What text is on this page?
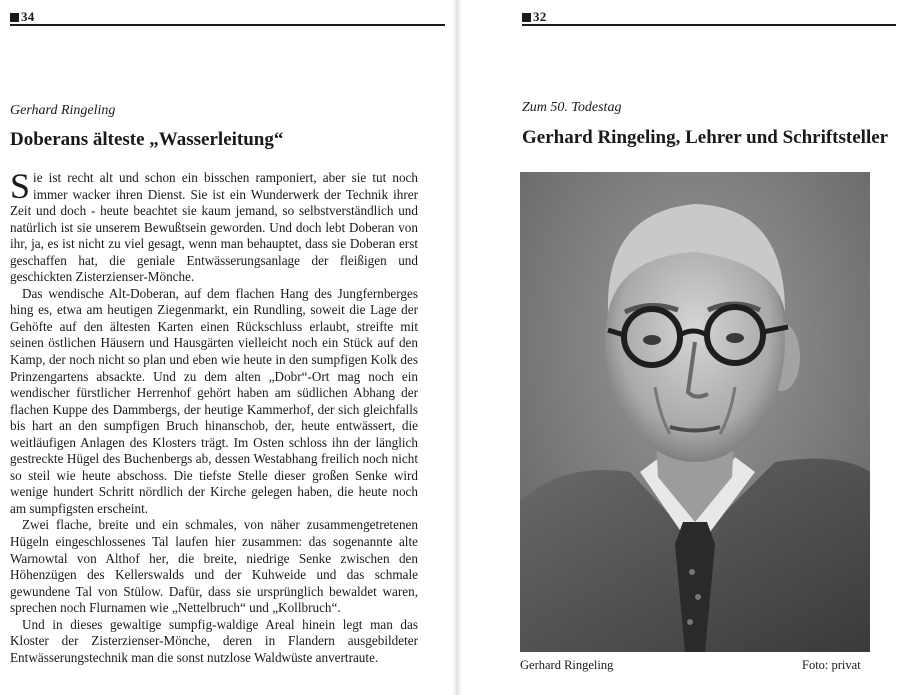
34
Gerhard Ringeling
Doberans älteste „Wasserleitung“

Sie ist recht alt und schon ein bisschen ramponiert, aber sie tut noch immer wacker ihren Dienst. Sie ist ein Wunderwerk der Technik ihrer Zeit und doch - heute beachtet sie kaum jemand, so selbstverständlich und natürlich ist sie unserem Bewußtsein geworden. Und doch lebt Doberan von ihr, ja, es ist nicht zu viel gesagt, wenn man behauptet, dass sie Doberan erst geschaffen hat, die geniale Entwässerungsanlage der fleißigen und geschickten Zisterzienser-Mönche.

Das wendische Alt-Doberan, auf dem flachen Hang des Jungfernberges hing es, etwa am heutigen Ziegenmarkt, ein Rundling, soweit die Lage der Gehöfte auf den ältesten Karten einen Rückschluss erlaubt, streifte mit seinen östlichen Häusern und Hausgärten vielleicht noch ein Stück auf den Kamp, der noch nicht so plan und eben wie heute in den sumpfigen Kolk des Prinzengartens absackte. Und zu dem alten „Dobr“-Ort mag noch ein wendischer fürstlicher Herrenhof gehört haben am südlichen Abhang der flachen Kuppe des Dammbergs, der heutige Kammerhof, der sich gleichfalls bis hart an den sumpfigen Bruch hinanschob, der, heute entwässert, die weitläufigen Anlagen des Klosters trägt. Im Osten schloss ihn der länglich gestreckte Hügel des Buchenbergs ab, dessen Westabhang freilich noch nicht so steil wie heute abschoss. Die tiefste Stelle dieser großen Senke wird wenige hundert Schritt nördlich der Kirche gelegen haben, die heute noch am sumpfigsten erscheint.

Zwei flache, breite und ein schmales, von näher zusammengetretenen Hügeln eingeschlossenes Tal laufen hier zusammen: das sogenannte alte Warnowtal von Althof her, die breite, niedrige Senke zwischen den Höhenzügen des Kellerswalds und der Kuhweide und das schmale gewundene Tal von Stülow. Dafür, dass sie ursprünglich bewaldet waren, sprechen noch Flurnamen wie „Nettelbruch“ und „Kollbruch“.

Und in dieses gewaltige sumpfig-waldige Areal hinein legt man das Kloster der Zisterzienser-Mönche, deren in Flandern ausgebildeter Entwässerungstechnik man die sonst nutzlose Waldwüste anvertraute.

32
Zum 50. Todestag
Gerhard Ringeling, Lehrer und Schriftsteller
Gerhard Ringeling	Foto: privat
